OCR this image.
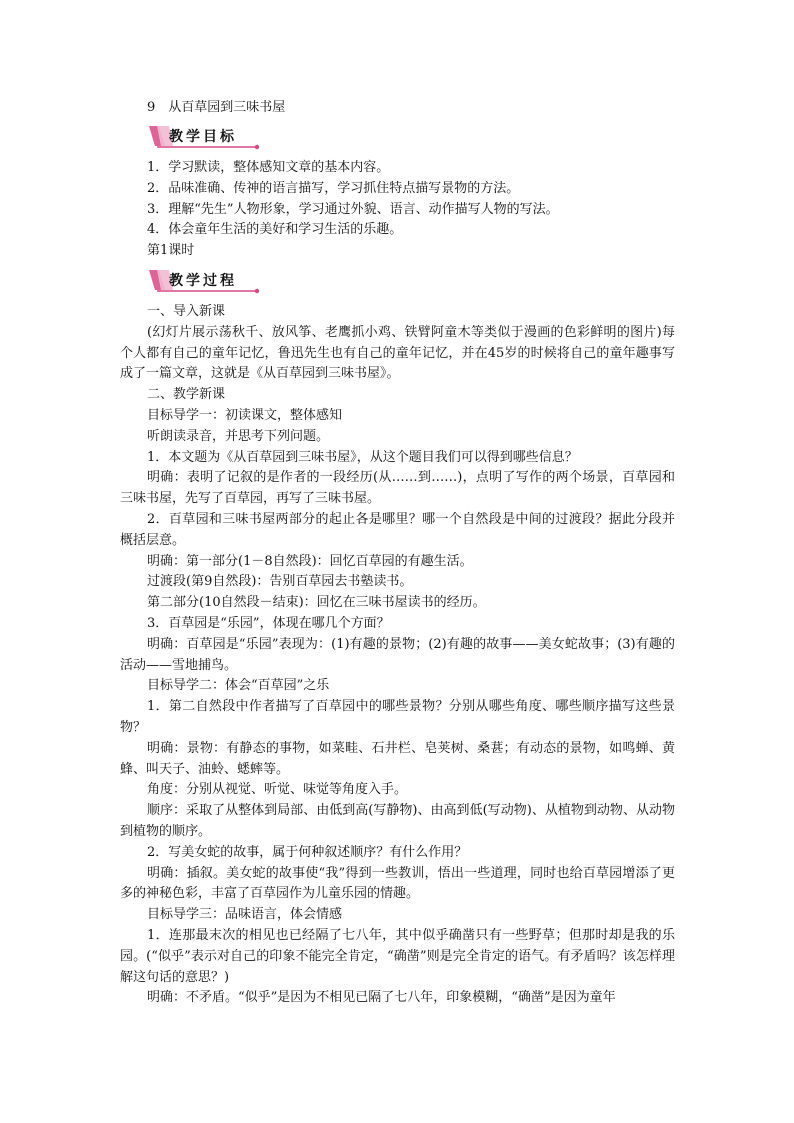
9　从百草园到三味书屋
教学目标

1．学习默读，整体感知文章的基本内容。

2．品味准确、传神的语言描写，学习抓住特点描写景物的方法。

3．理解“先生”人物形象，学习通过外貌、语言、动作描写人物的写法。

4．体会童年生活的美好和学习生活的乐趣。

第1课时

教学过程

一、导入新课

(幻灯片展示荡秋千、放风筝、老鹰抓小鸡、铁臂阿童木等类似于漫画的色彩鲜明的图片)每个人都有自己的童年记忆，鲁迅先生也有自己的童年记忆，并在45岁的时候将自己的童年趣事写成了一篇文章，这就是《从百草园到三味书屋》。

二、教学新课

目标导学一：初读课文，整体感知

听朗读录音，并思考下列问题。

1．本文题为《从百草园到三味书屋》，从这个题目我们可以得到哪些信息？

明确：表明了记叙的是作者的一段经历(从……到……)，点明了写作的两个场景，百草园和三味书屋，先写了百草园，再写了三味书屋。

2．百草园和三味书屋两部分的起止各是哪里？哪一个自然段是中间的过渡段？据此分段并概括层意。

明确：第一部分(1－8自然段)：回忆百草园的有趣生活。

过渡段(第9自然段)：告别百草园去书塾读书。

第二部分(10自然段－结束)：回忆在三味书屋读书的经历。

3．百草园是“乐园”，体现在哪几个方面？

明确：百草园是“乐园”表现为：(1)有趣的景物；(2)有趣的故事——美女蛇故事；(3)有趣的活动——雪地捕鸟。

目标导学二：体会“百草园”之乐

1．第二自然段中作者描写了百草园中的哪些景物？分别从哪些角度、哪些顺序描写这些景物？

明确：景物：有静态的事物，如菜畦、石井栏、皂荚树、桑葚；有动态的景物，如鸣蝉、黄蜂、叫天子、油蛉、蟋蟀等。

角度：分别从视觉、听觉、味觉等角度入手。

顺序：采取了从整体到局部、由低到高(写静物)、由高到低(写动物)、从植物到动物、从动物到植物的顺序。

2．写美女蛇的故事，属于何种叙述顺序？有什么作用？

明确：插叙。美女蛇的故事使“我”得到一些教训，悟出一些道理，同时也给百草园增添了更多的神秘色彩，丰富了百草园作为儿童乐园的情趣。

目标导学三：品味语言，体会情感

1．连那最末次的相见也已经隔了七八年，其中似乎确凿只有一些野草；但那时却是我的乐园。(“似乎”表示对自己的印象不能完全肯定，“确凿”则是完全肯定的语气。有矛盾吗？该怎样理解这句话的意思？)

明确：不矛盾。“似乎”是因为不相见已隔了七八年，印象模糊，“确凿”是因为童年
